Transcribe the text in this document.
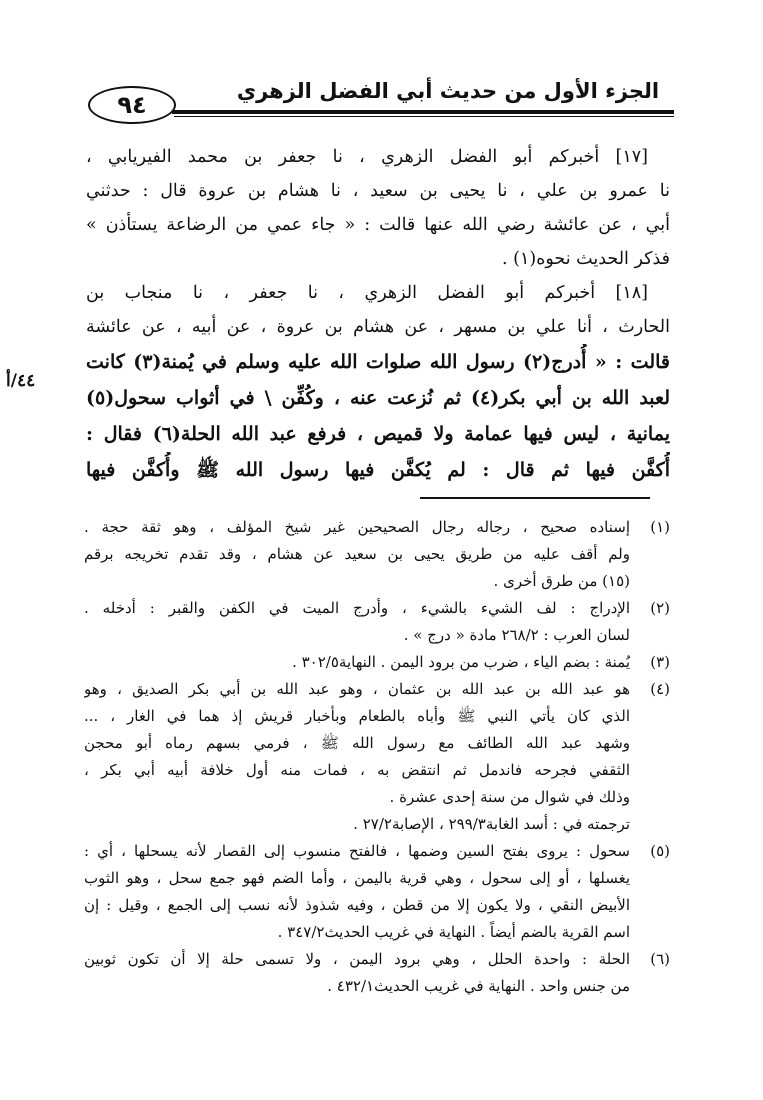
الجزء الأول من حديث أبي الفضل الزهري
٩٤
[١٧] أخبركم أبو الفضل الزهري ، نا جعفر بن محمد الفيريابي ،
نا عمرو بن علي ، نا يحيى بن سعيد ، نا هشام بن عروة قال : حدثني
أبي ، عن عائشة رضي الله عنها قالت : « جاء عمي من الرضاعة يستأذن »
فذكر الحديث نحوه(١) .
[١٨] أخبركم أبو الفضل الزهري ، نا جعفر ، نا منجاب بن
الحارث ، أنا علي بن مسهر ، عن هشام بن عروة ، عن أبيه ، عن عائشة
قالت : « أُدرج(٢) رسول الله صلوات الله عليه وسلم في يُمنة(٣) كانت
لعبد الله بن أبي بكر(٤) ثم نُزعت عنه ، وكُفِّن \ في أثواب سحول(٥)
يمانية ، ليس فيها عمامة ولا قميص ، فرفع عبد الله الحلة(٦) فقال :
أُكفَّن فيها ثم قال : لم يُكفَّن فيها رسول الله ﷺ وأُكفَّن فيها
٤٤/أ
(١)إسناده صحيح ، رجاله رجال الصحيحين غير شيخ المؤلف ، وهو ثقة حجة .
ولم أقف عليه من طريق يحيى بن سعيد عن هشام ، وقد تقدم تخريجه برقم
(١٥) من طرق أخرى .
(٢)الإدراج : لف الشيء بالشيء ، وأدرج الميت في الكفن والقبر : أدخله .
لسان العرب : ٢٦٨/٢ مادة « درج » .
(٣)يُمنة : بضم الياء ، ضرب من برود اليمن . النهاية٣٠٢/٥ .
(٤)هو عبد الله بن عبد الله بن عثمان ، وهو عبد الله بن أبي بكر الصديق ، وهو
الذي كان يأتي النبي ﷺ وأباه بالطعام وبأخبار قريش إذ هما في الغار ، ...
وشهد عبد الله الطائف مع رسول الله ﷺ ، فرمي بسهم رماه أبو محجن
الثقفي فجرحه فاندمل ثم انتقض به ، فمات منه أول خلافة أبيه أبي بكر ،
وذلك في شوال من سنة إحدى عشرة .
ترجمته في : أسد الغابة٢٩٩/٣ ، الإصابة٢٧/٢ .
(٥)سحول : يروى بفتح السين وضمها ، فالفتح منسوب إلى القصار لأنه يسحلها ، أي :
يغسلها ، أو إلى سحول ، وهي قرية باليمن ، وأما الضم فهو جمع سحل ، وهو الثوب
الأبيض النقي ، ولا يكون إلا من قطن ، وفيه شذوذ لأنه نسب إلى الجمع ، وقيل : إن
اسم القرية بالضم أيضاً . النهاية في غريب الحديث٣٤٧/٢ .
(٦)الحلة : واحدة الحلل ، وهي برود اليمن ، ولا تسمى حلة إلا أن تكون ثوبين
من جنس واحد . النهاية في غريب الحديث٤٣٢/١ .
